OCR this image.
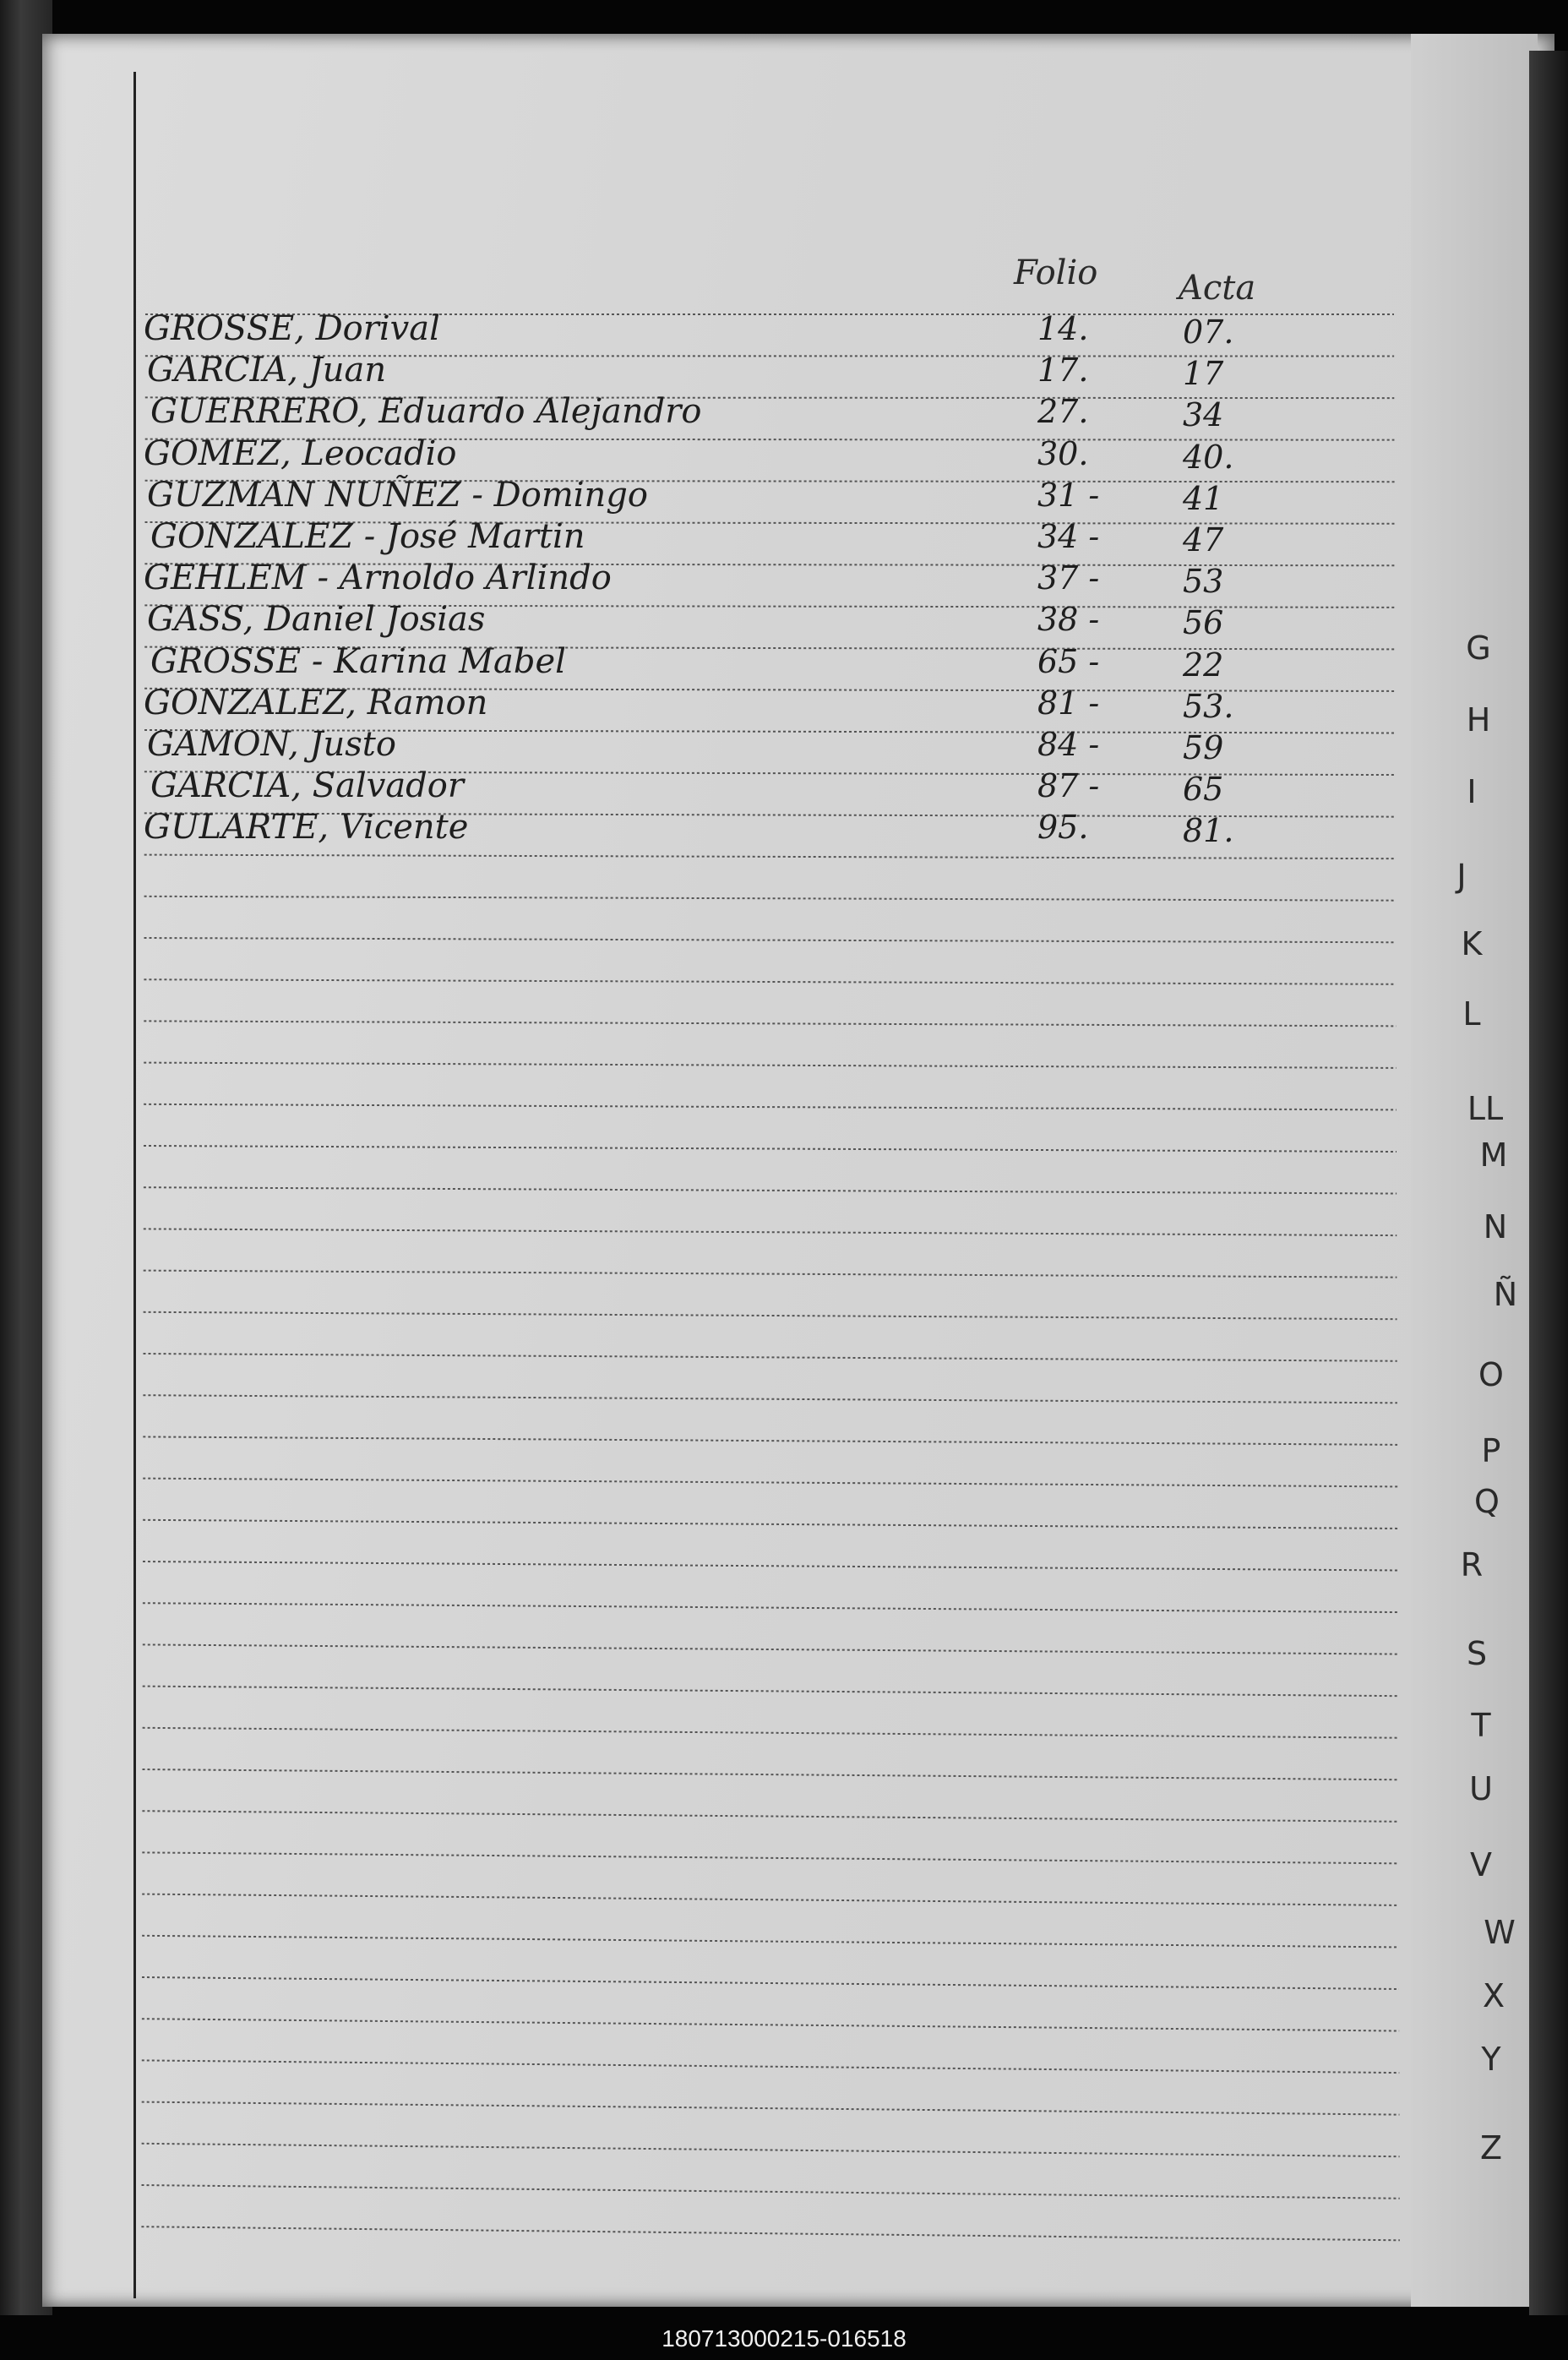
Folio Acta
GROSSE, Dorival	14.	07.
GARCIA, Juan	17.	17
GUERRERO, Eduardo Alejandro	27.	34
GOMEZ, Leocadio	30.	40.
GUZMAN NUÑEZ - Domingo	31 -	41
GONZALEZ - José Martin	34 -	47
GEHLEM - Arnoldo Arlindo	37 -	53
GASS, Daniel Josias	38 -	56
GROSSE - Karina Mabel	65 -	22
GONZALEZ, Ramon	81 -	53.
GAMON, Justo	84 -	59
GARCIA, Salvador	87 -	65
GULARTE, Vicente	95.	81.
G
H
I
J
K
L
LL
M
N
Ñ
O
P
Q
R
S
T
U
V
W
X
Y
Z
180713000215-016518
